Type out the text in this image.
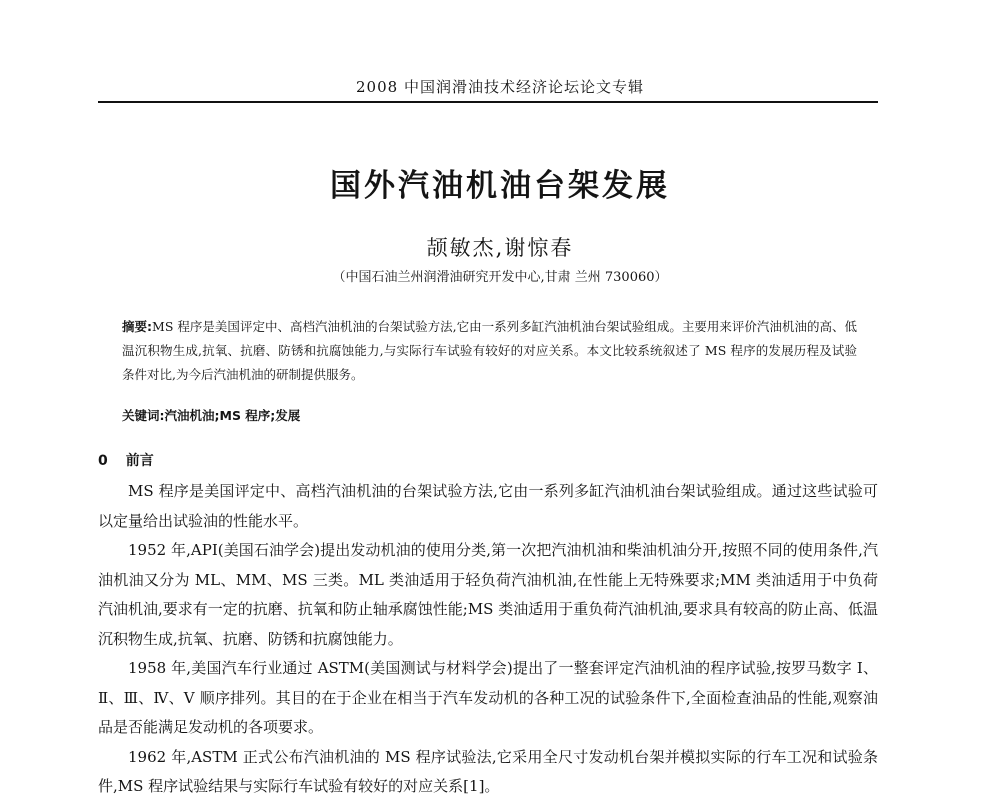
2008 中国润滑油技术经济论坛论文专辑
国外汽油机油台架发展
颉敏杰,谢惊春
（中国石油兰州润滑油研究开发中心,甘肃 兰州 730060）
摘要:MS 程序是美国评定中、高档汽油机油的台架试验方法,它由一系列多缸汽油机油台架试验组成。主要用来评价汽油机油的高、低温沉积物生成,抗氧、抗磨、防锈和抗腐蚀能力,与实际行车试验有较好的对应关系。本文比较系统叙述了 MS 程序的发展历程及试验条件对比,为今后汽油机油的研制提供服务。
关键词:汽油机油;MS 程序;发展
0 前言

MS 程序是美国评定中、高档汽油机油的台架试验方法,它由一系列多缸汽油机油台架试验组成。通过这些试验可以定量给出试验油的性能水平。

1952 年,API(美国石油学会)提出发动机油的使用分类,第一次把汽油机油和柴油机油分开,按照不同的使用条件,汽油机油又分为 ML、MM、MS 三类。ML 类油适用于轻负荷汽油机油,在性能上无特殊要求;MM 类油适用于中负荷汽油机油,要求有一定的抗磨、抗氧和防止轴承腐蚀性能;MS 类油适用于重负荷汽油机油,要求具有较高的防止高、低温沉积物生成,抗氧、抗磨、防锈和抗腐蚀能力。

1958 年,美国汽车行业通过 ASTM(美国测试与材料学会)提出了一整套评定汽油机油的程序试验,按罗马数字 Ⅰ、Ⅱ、Ⅲ、Ⅳ、Ⅴ 顺序排列。其目的在于企业在相当于汽车发动机的各种工况的试验条件下,全面检查油品的性能,观察油品是否能满足发动机的各项要求。

1962 年,ASTM 正式公布汽油机油的 MS 程序试验法,它采用全尺寸发动机台架并模拟实际的行车工况和试验条件,MS 程序试验结果与实际行车试验有较好的对应关系[1]。
